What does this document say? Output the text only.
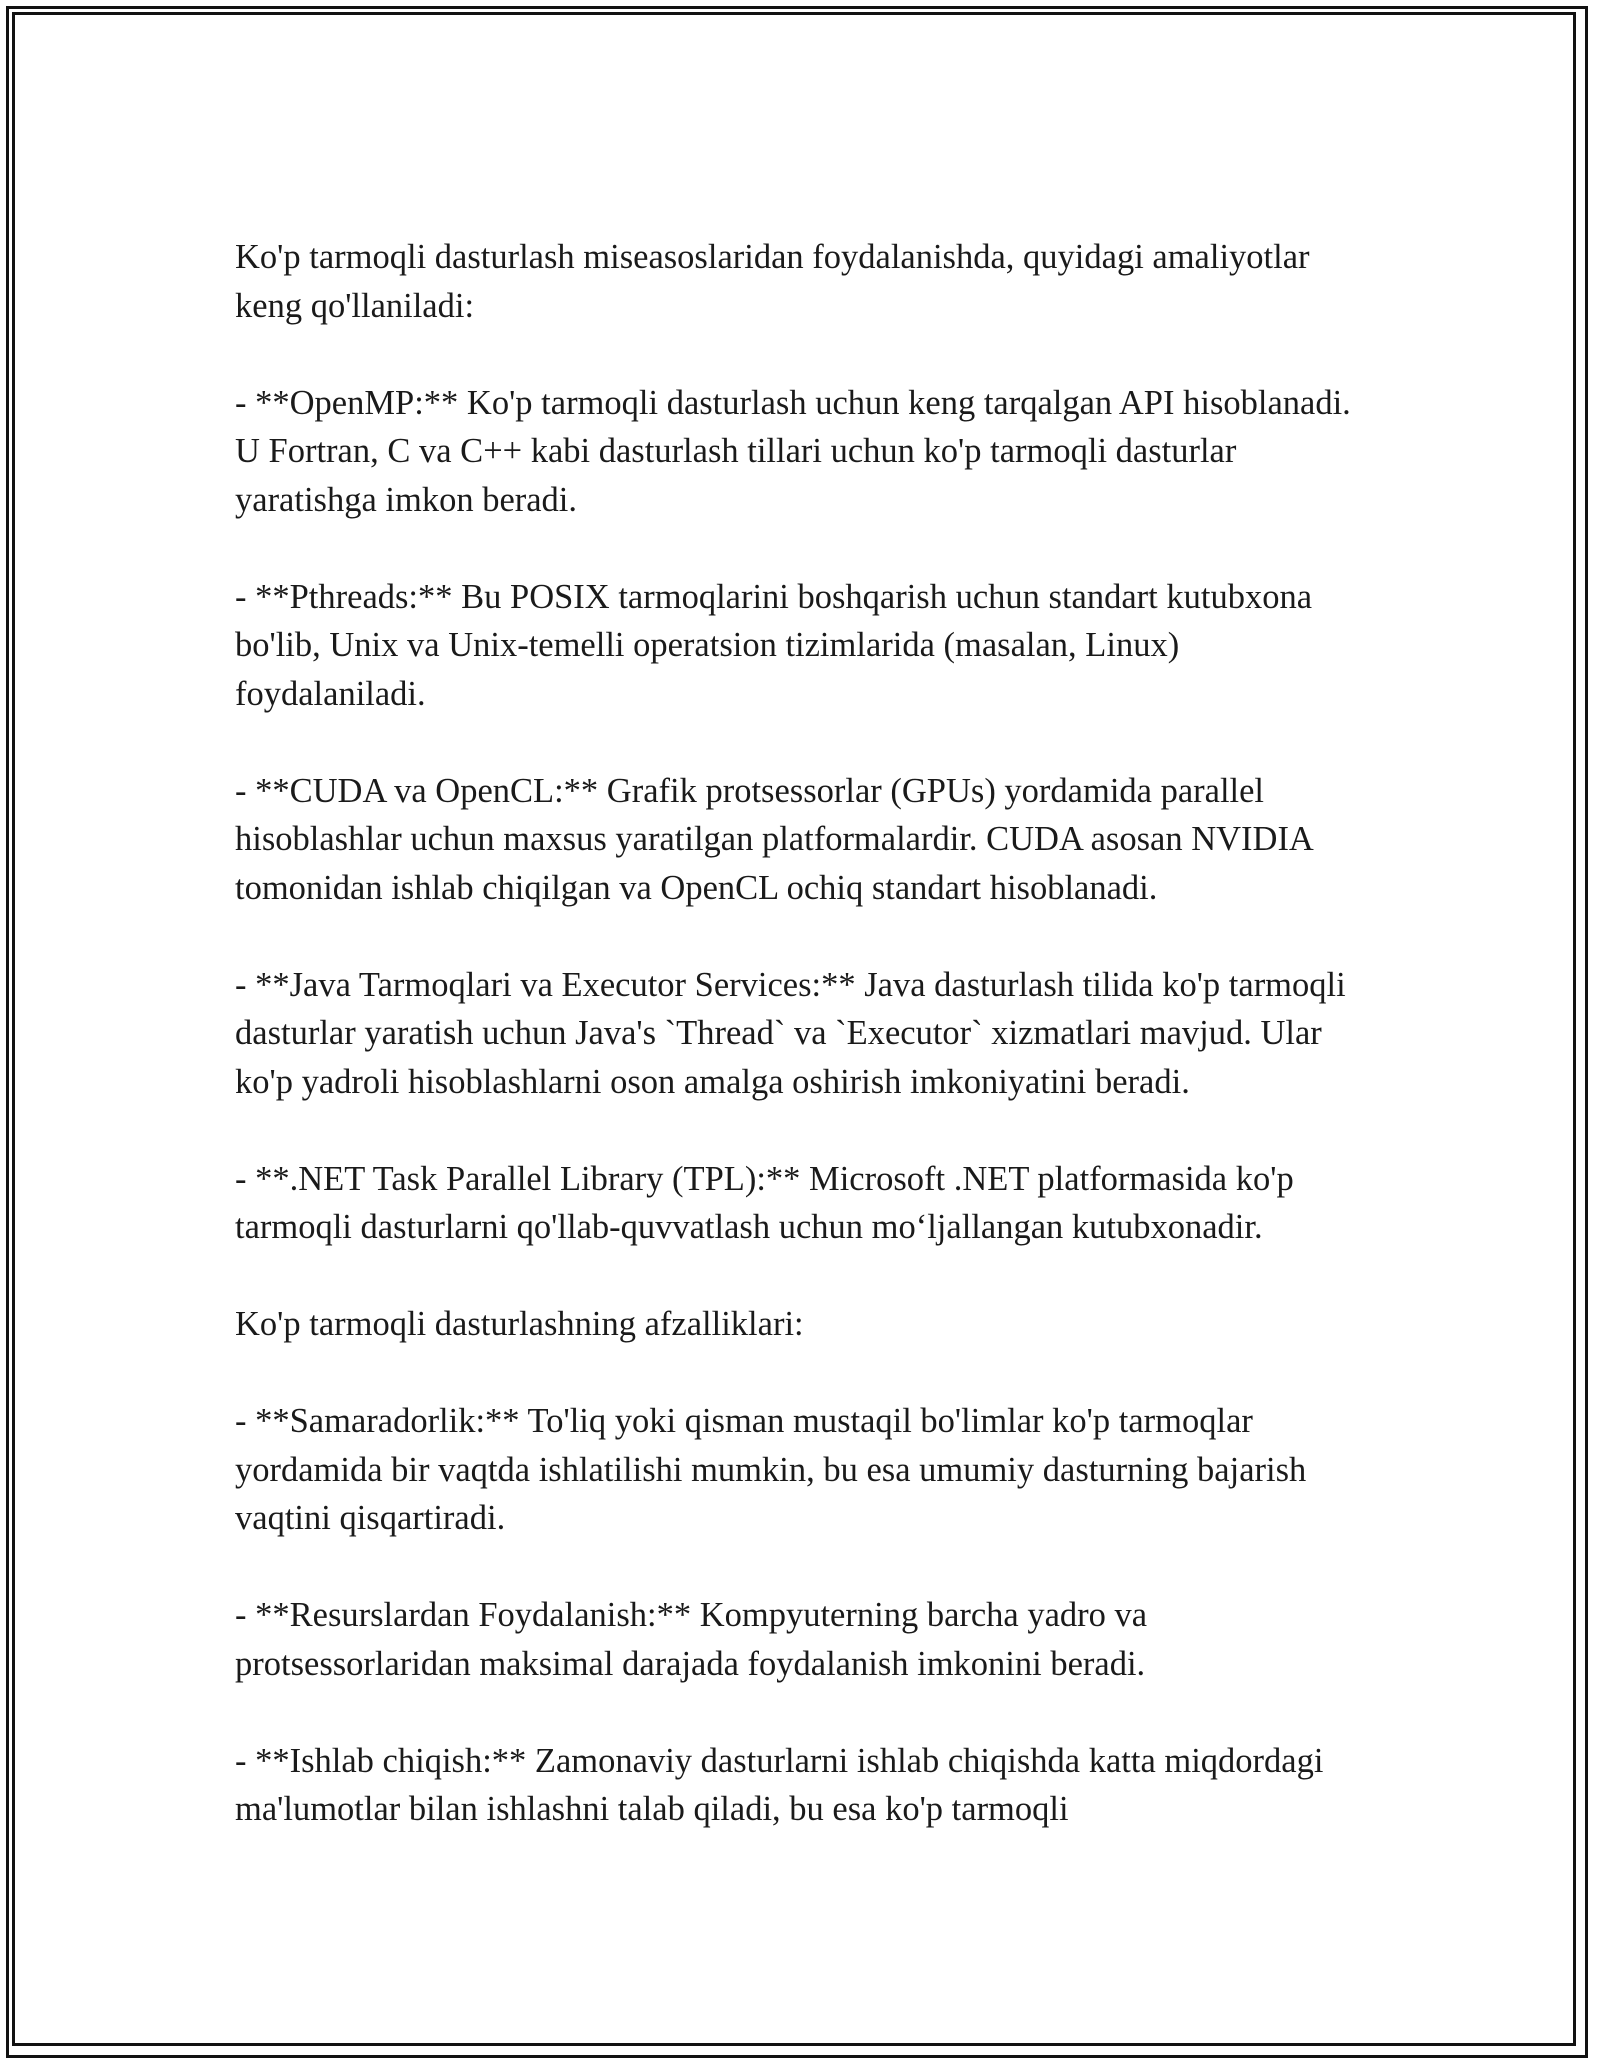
Ko'p tarmoqli dasturlash miseasoslaridan foydalanishda, quyidagi amaliyotlar keng qo'llaniladi:

- **OpenMP:** Ko'p tarmoqli dasturlash uchun keng tarqalgan API hisoblanadi. U Fortran, C va C++ kabi dasturlash tillari uchun ko'p tarmoqli dasturlar yaratishga imkon beradi.

- **Pthreads:** Bu POSIX tarmoqlarini boshqarish uchun standart kutubxona bo'lib, Unix va Unix-temelli operatsion tizimlarida (masalan, Linux) foydalaniladi.

- **CUDA va OpenCL:** Grafik protsessorlar (GPUs) yordamida parallel hisoblashlar uchun maxsus yaratilgan platformalardir. CUDA asosan NVIDIA tomonidan ishlab chiqilgan va OpenCL ochiq standart hisoblanadi.

- **Java Tarmoqlari va Executor Services:** Java dasturlash tilida ko'p tarmoqli dasturlar yaratish uchun Java's `Thread` va `Executor` xizmatlari mavjud. Ular ko'p yadroli hisoblashlarni oson amalga oshirish imkoniyatini beradi.

- **.NET Task Parallel Library (TPL):** Microsoft .NET platformasida ko'p tarmoqli dasturlarni qo'llab-quvvatlash uchun mo‘ljallangan kutubxonadir.

Ko'p tarmoqli dasturlashning afzalliklari:

- **Samaradorlik:** To'liq yoki qisman mustaqil bo'limlar ko'p tarmoqlar yordamida bir vaqtda ishlatilishi mumkin, bu esa umumiy dasturning bajarish vaqtini qisqartiradi.

- **Resurslardan Foydalanish:** Kompyuterning barcha yadro va protsessorlaridan maksimal darajada foydalanish imkonini beradi.

- **Ishlab chiqish:** Zamonaviy dasturlarni ishlab chiqishda katta miqdordagi ma'lumotlar bilan ishlashni talab qiladi, bu esa ko'p tarmoqli
